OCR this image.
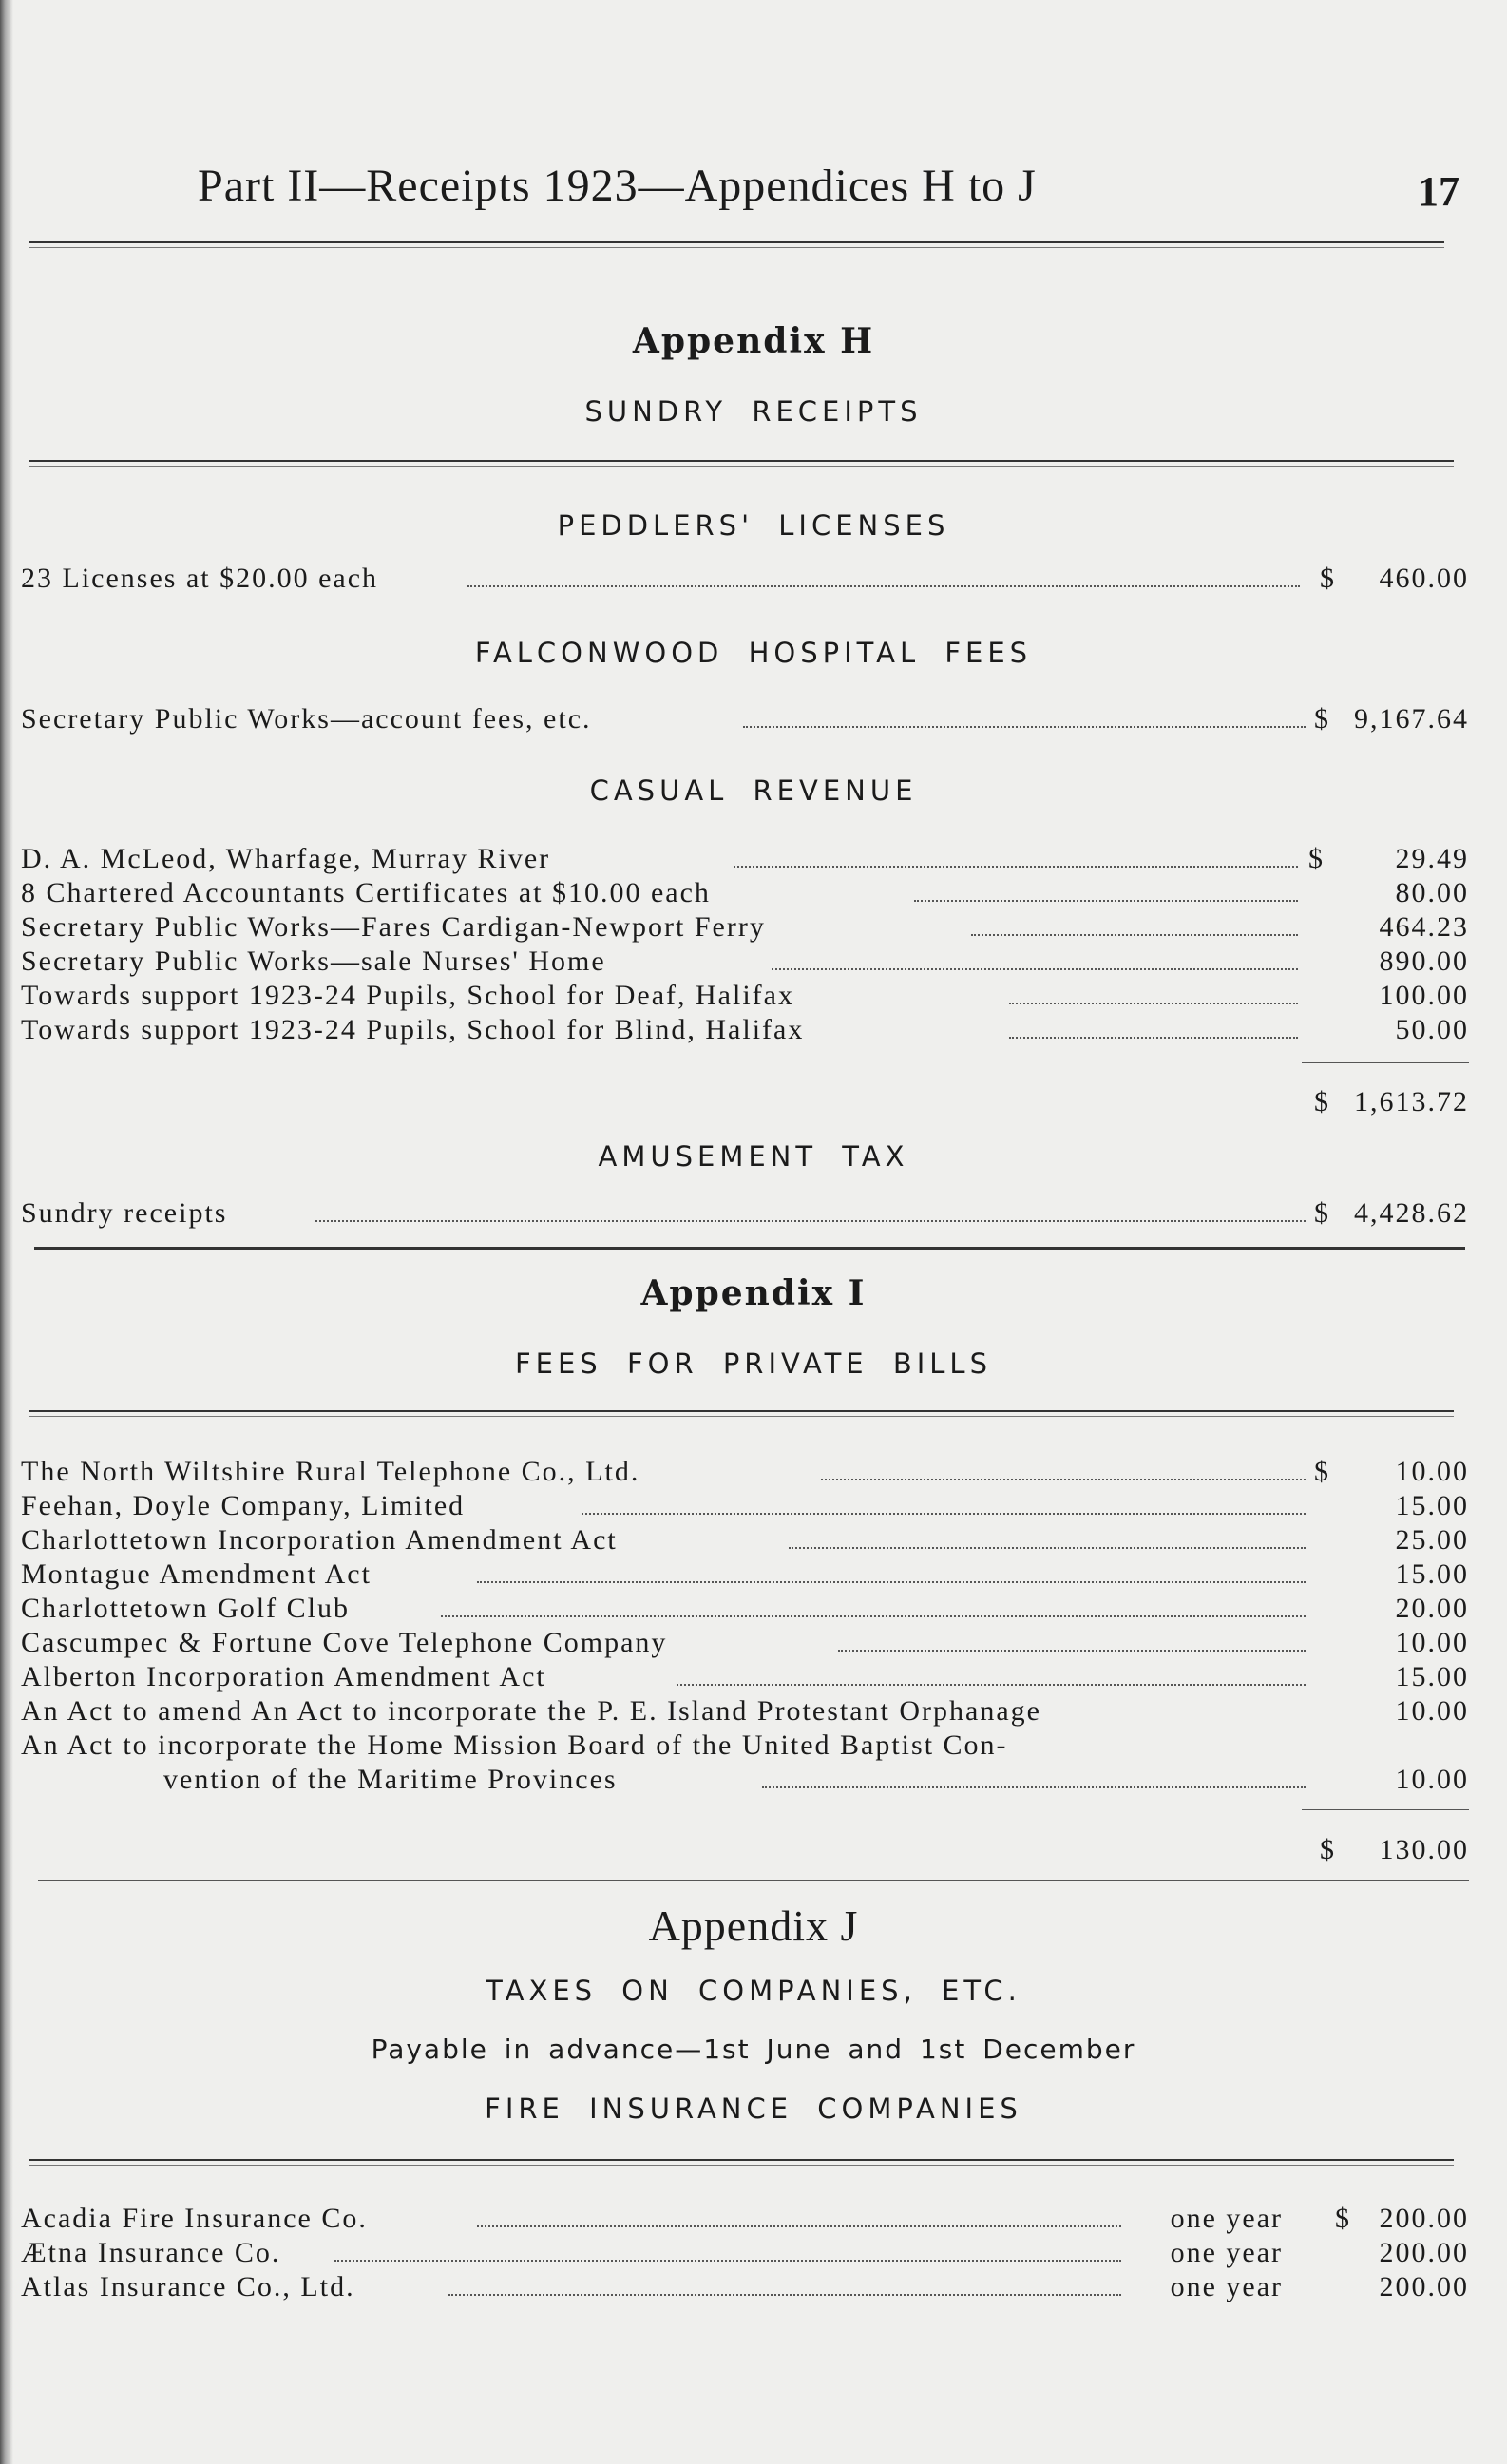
Part II—Receipts 1923—Appendices H to J	17
Appendix H
SUNDRY RECEIPTS
PEDDLERS' LICENSES
23 Licenses at $20.00 each	$ 460.00
FALCONWOOD HOSPITAL FEES
Secretary Public Works—account fees, etc.	$ 9,167.64
CASUAL REVENUE
D. A. McLeod, Wharfage, Murray River	$ 29.49
8 Chartered Accountants Certificates at $10.00 each	80.00
Secretary Public Works—Fares Cardigan-Newport Ferry	464.23
Secretary Public Works—sale Nurses' Home	890.00
Towards support 1923-24 Pupils, School for Deaf, Halifax	100.00
Towards support 1923-24 Pupils, School for Blind, Halifax	50.00
$ 1,613.72
AMUSEMENT TAX
Sundry receipts	$ 4,428.62
Appendix I
FEES FOR PRIVATE BILLS
The North Wiltshire Rural Telephone Co., Ltd.	$ 10.00
Feehan, Doyle Company, Limited	15.00
Charlottetown Incorporation Amendment Act	25.00
Montague Amendment Act	15.00
Charlottetown Golf Club	20.00
Cascumpec & Fortune Cove Telephone Company	10.00
Alberton Incorporation Amendment Act	15.00
An Act to amend An Act to incorporate the P. E. Island Protestant Orphanage	10.00
An Act to incorporate the Home Mission Board of the United Baptist Con-
vention of the Maritime Provinces	10.00
$ 130.00
Appendix J
TAXES ON COMPANIES, ETC.
Payable in advance—1st June and 1st December
FIRE INSURANCE COMPANIES
Acadia Fire Insurance Co.	one year $ 200.00
Ætna Insurance Co.	one year	200.00
Atlas Insurance Co., Ltd.	one year	200.00
